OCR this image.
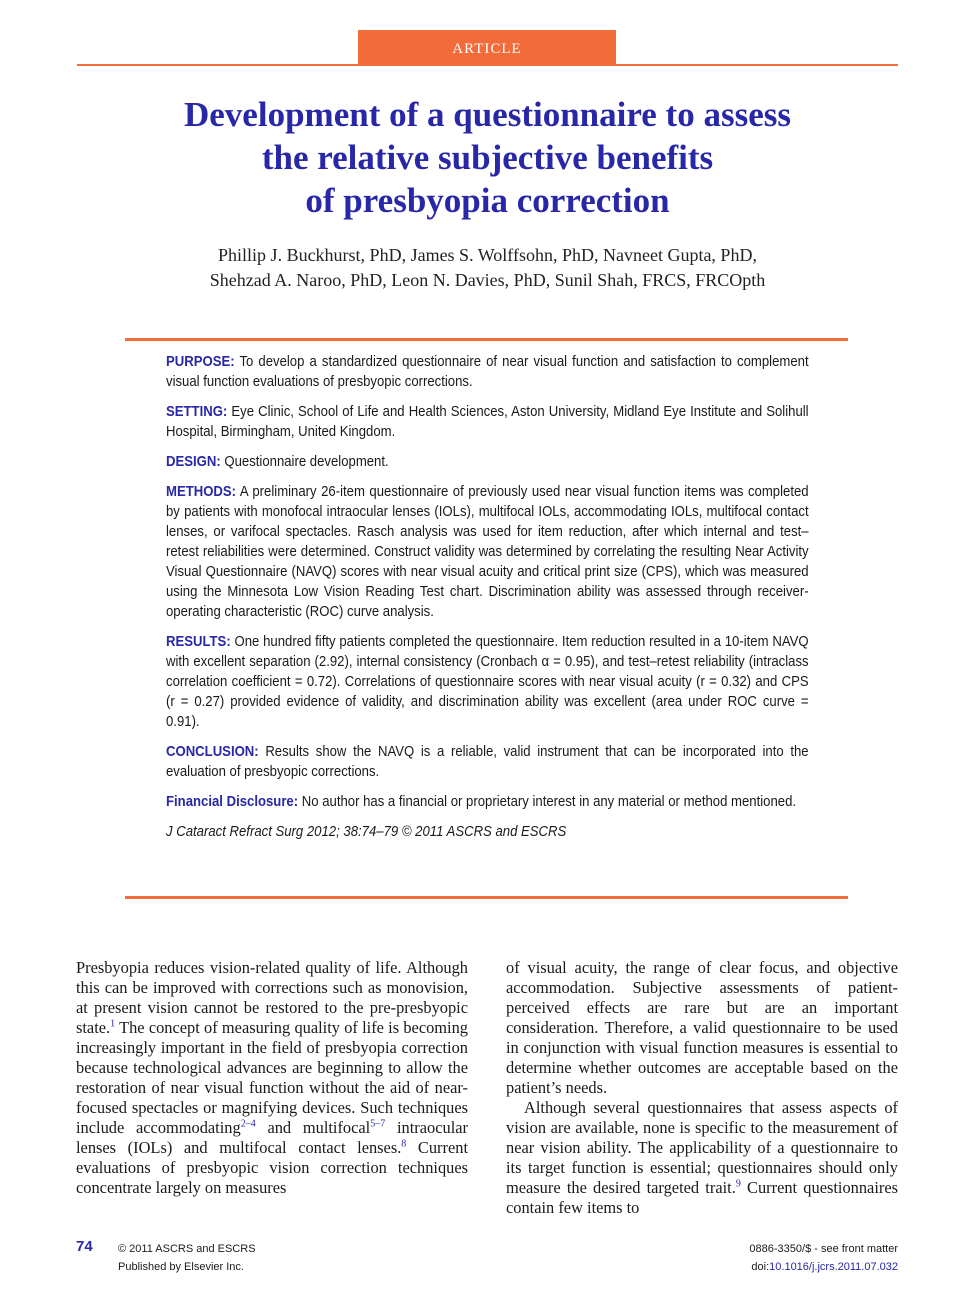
ARTICLE
Development of a questionnaire to assess
the relative subjective benefits
of presbyopia correction
Phillip J. Buckhurst, PhD, James S. Wolffsohn, PhD, Navneet Gupta, PhD,
Shehzad A. Naroo, PhD, Leon N. Davies, PhD, Sunil Shah, FRCS, FRCOpth

PURPOSE: To develop a standardized questionnaire of near visual function and satisfaction to complement visual function evaluations of presbyopic corrections.

SETTING: Eye Clinic, School of Life and Health Sciences, Aston University, Midland Eye Institute and Solihull Hospital, Birmingham, United Kingdom.

DESIGN: Questionnaire development.

METHODS: A preliminary 26-item questionnaire of previously used near visual function items was completed by patients with monofocal intraocular lenses (IOLs), multifocal IOLs, accommodating IOLs, multifocal contact lenses, or varifocal spectacles. Rasch analysis was used for item reduction, after which internal and test–retest reliabilities were determined. Construct validity was determined by correlating the resulting Near Activity Visual Questionnaire (NAVQ) scores with near visual acuity and critical print size (CPS), which was measured using the Minnesota Low Vision Reading Test chart. Discrimination ability was assessed through receiver-operating characteristic (ROC) curve analysis.

RESULTS: One hundred fifty patients completed the questionnaire. Item reduction resulted in a 10-item NAVQ with excellent separation (2.92), internal consistency (Cronbach α = 0.95), and test–retest reliability (intraclass correlation coefficient = 0.72). Correlations of questionnaire scores with near visual acuity (r = 0.32) and CPS (r = 0.27) provided evidence of validity, and discrimination ability was excellent (area under ROC curve = 0.91).

CONCLUSION: Results show the NAVQ is a reliable, valid instrument that can be incorporated into the evaluation of presbyopic corrections.

Financial Disclosure: No author has a financial or proprietary interest in any material or method mentioned.

J Cataract Refract Surg 2012; 38:74–79 © 2011 ASCRS and ESCRS

Presbyopia reduces vision-related quality of life. Although this can be improved with corrections such as monovision, at present vision cannot be restored to the pre-presbyopic state.$^1$ The concept of measuring quality of life is becoming increasingly important in the field of presbyopia correction because technological advances are beginning to allow the restoration of near visual function without the aid of near-focused spectacles or magnifying devices. Such techniques include accommodating$^{2-4}$ and multifocal$^{5-7}$ intraocular lenses (IOLs) and multifocal contact lenses.$^8$ Current evaluations of presbyopic vision correction techniques concentrate largely on measures

of visual acuity, the range of clear focus, and objective accommodation. Subjective assessments of patient-perceived effects are rare but are an important consideration. Therefore, a valid questionnaire to be used in conjunction with visual function measures is essential to determine whether outcomes are acceptable based on the patient’s needs.

Although several questionnaires that assess aspects of vision are available, none is specific to the measurement of near vision ability. The applicability of a questionnaire to its target function is essential; questionnaires should only measure the desired targeted trait.$^9$ Current questionnaires contain few items to

74 © 2011 ASCRS and ESCRS
Published by Elsevier Inc.
0886-3350/$ - see front matter
doi:10.1016/j.jcrs.2011.07.032
